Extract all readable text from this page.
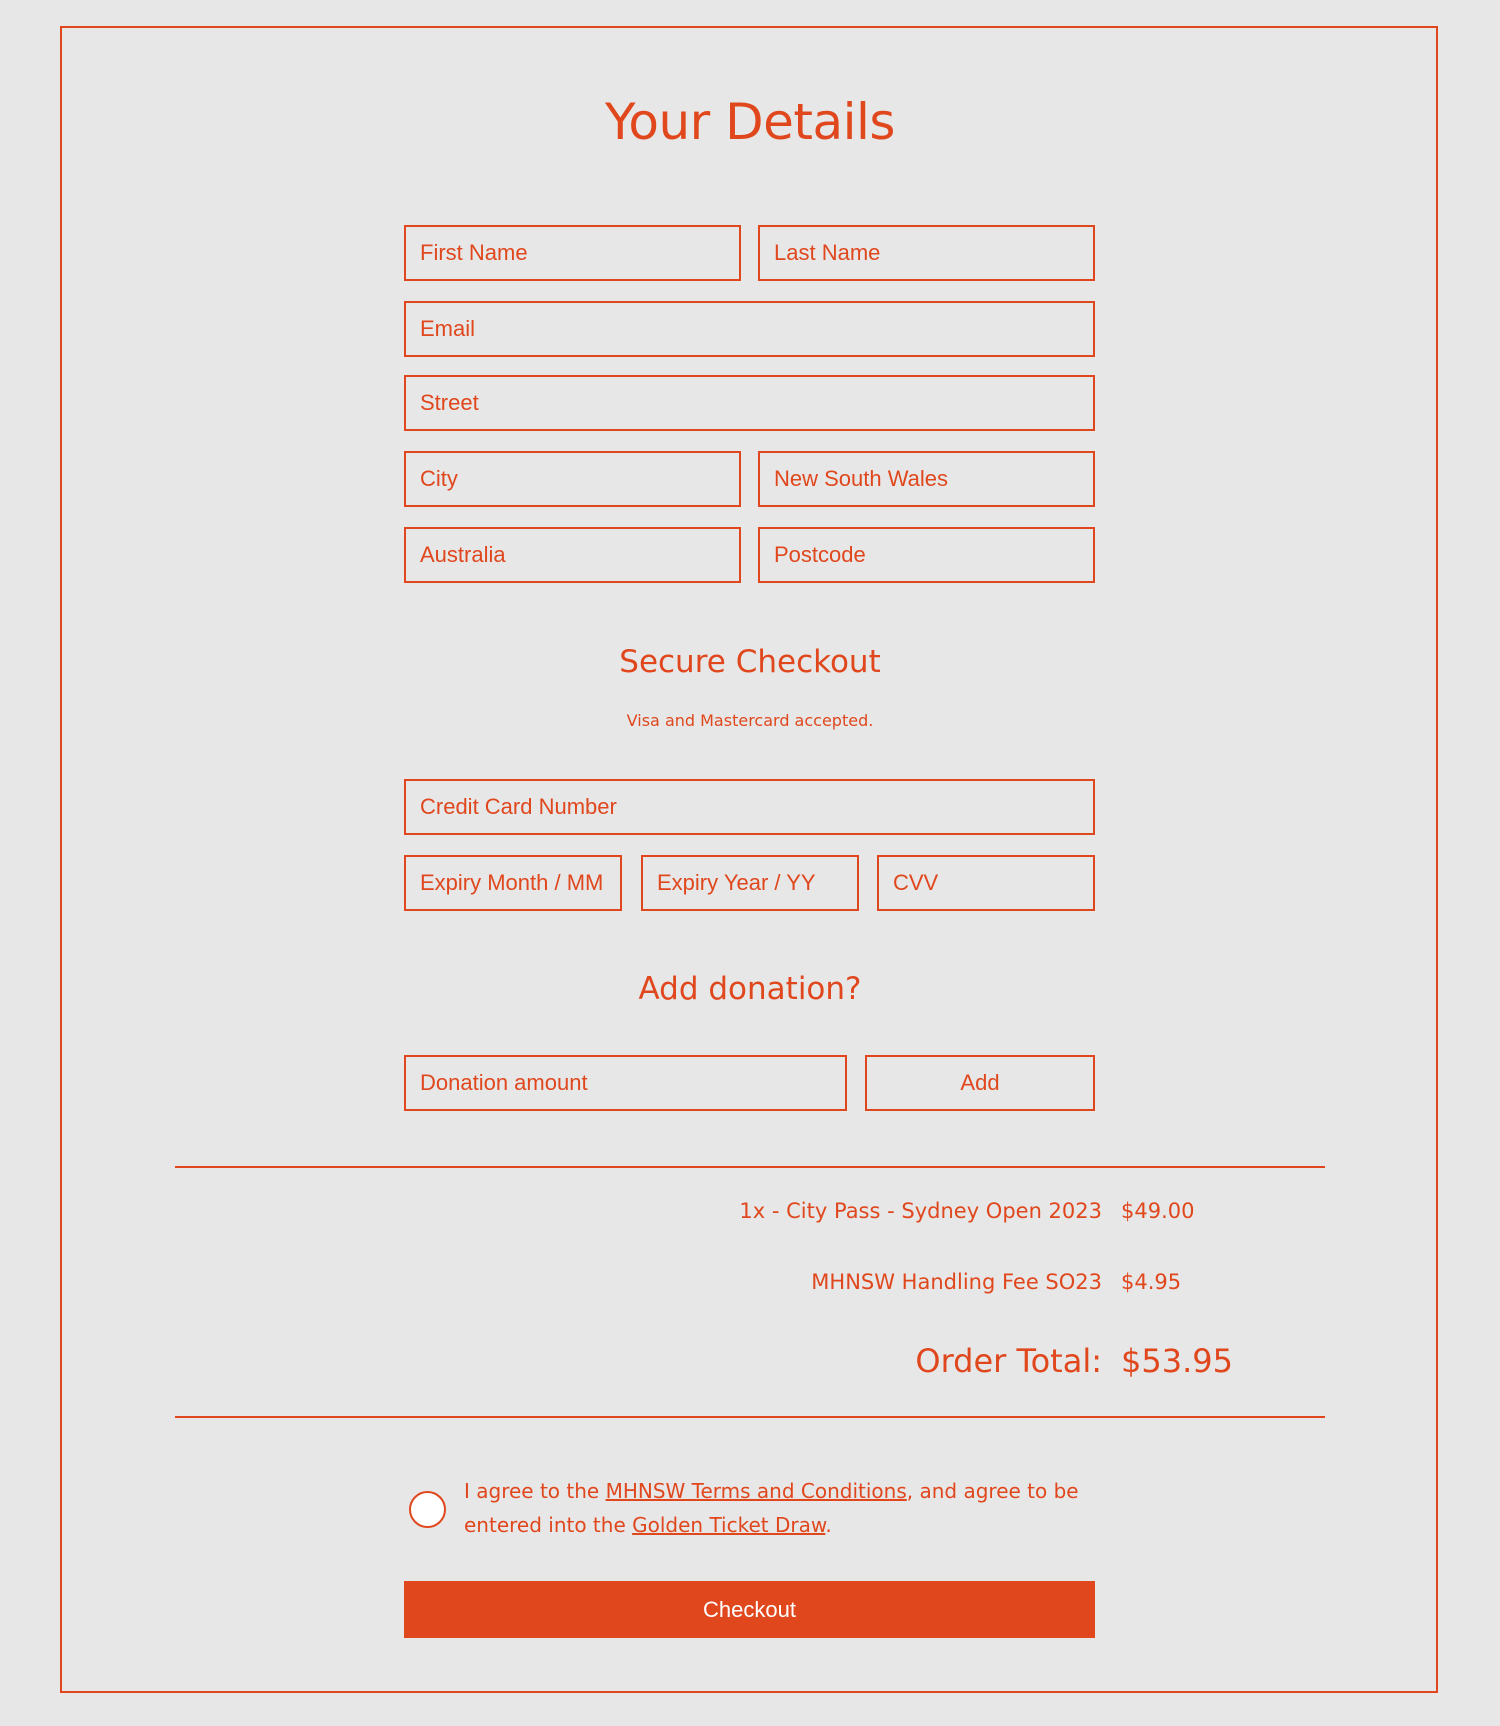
Your Details
First Name
Last Name
Email
Street
City
New South Wales
Australia
Postcode
Secure Checkout
Visa and Mastercard accepted.
Credit Card Number
Expiry Month / MM
Expiry Year / YY
CVV
Add donation?
Donation amount
Add
1x - City Pass - Sydney Open 2023 $49.00
MHNSW Handling Fee SO23 $4.95
Order Total: $53.95
I agree to the MHNSW Terms and Conditions, and agree to be entered into the Golden Ticket Draw.
Checkout
